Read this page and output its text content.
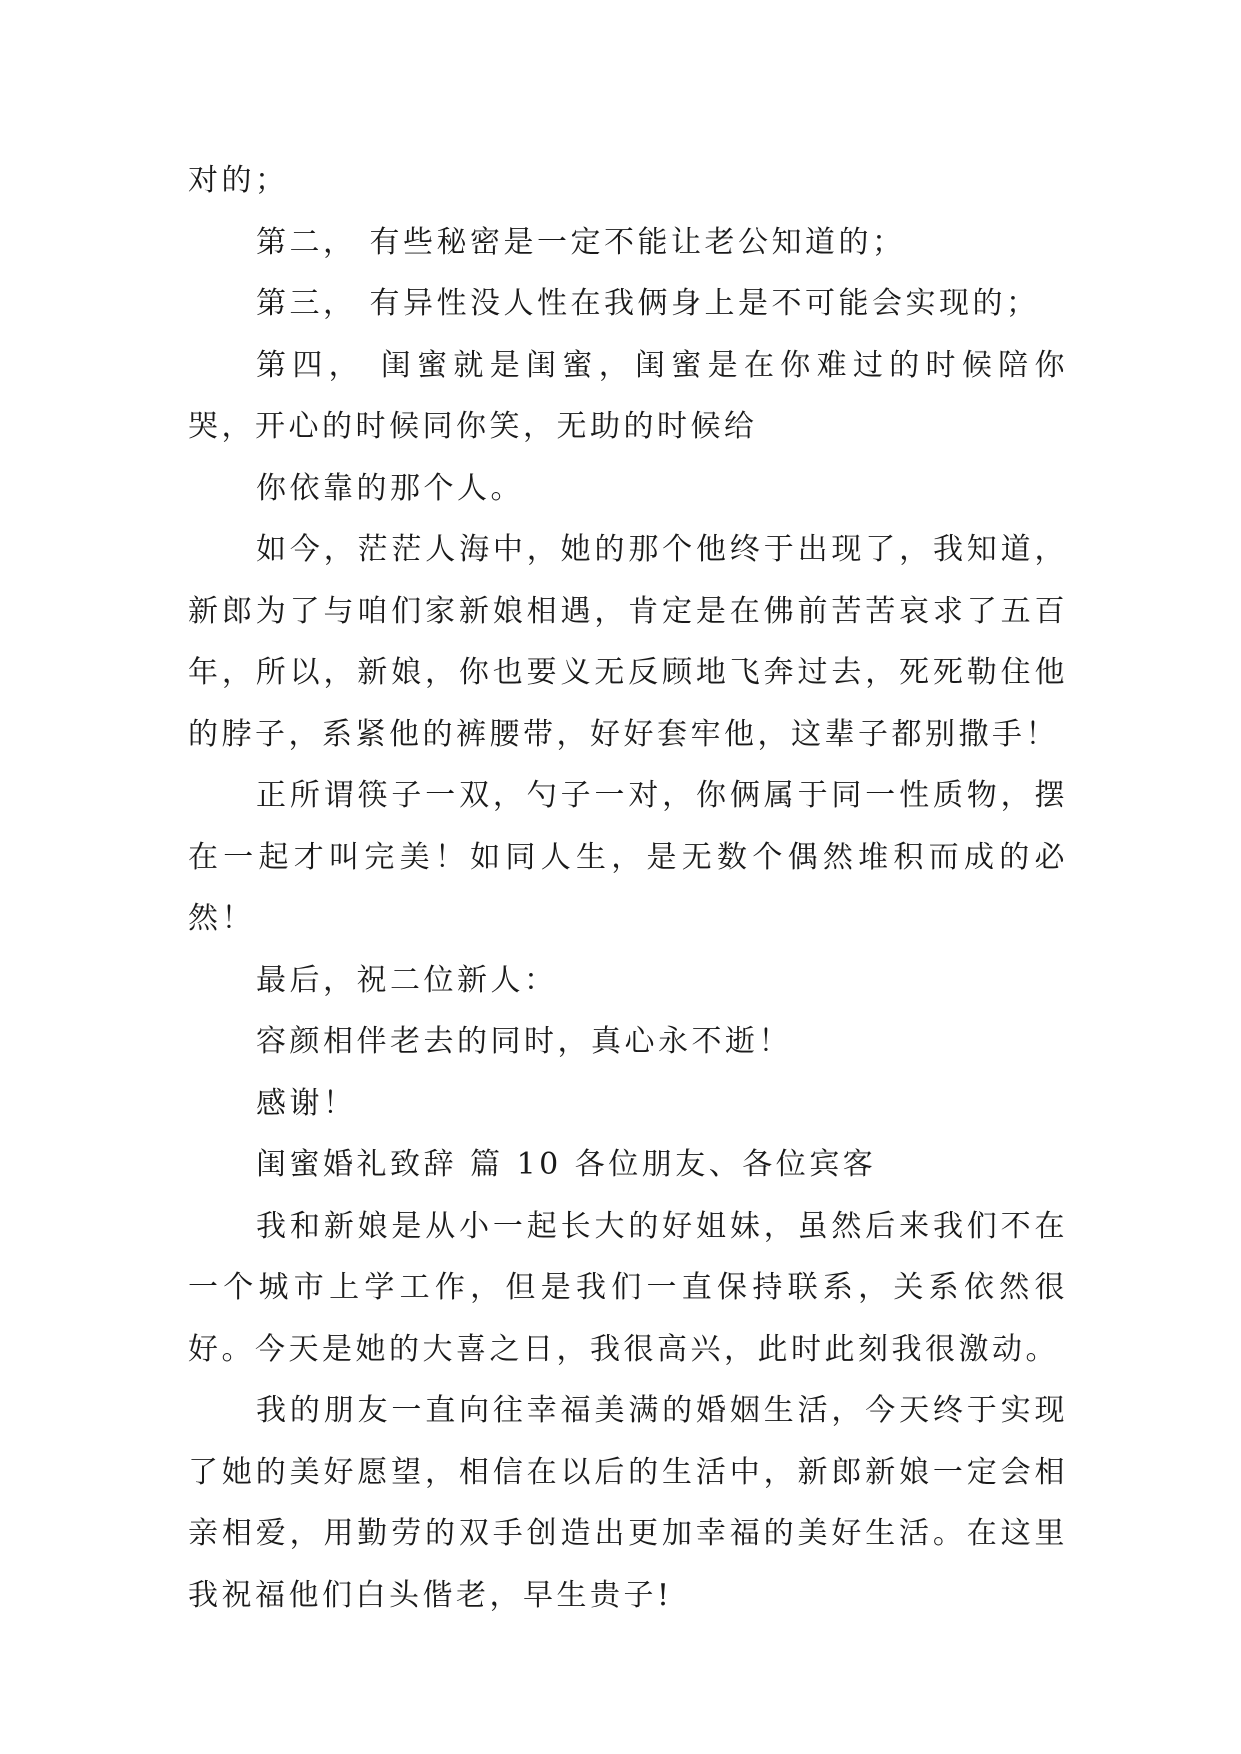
对的；

第二， 有些秘密是一定不能让老公知道的；

第三， 有异性没人性在我俩身上是不可能会实现的；

第四， 闺蜜就是闺蜜，闺蜜是在你难过的时候陪你哭，开心的时候同你笑，无助的时候给

你依靠的那个人。

如今，茫茫人海中，她的那个他终于出现了，我知道，新郎为了与咱们家新娘相遇，肯定是在佛前苦苦哀求了五百年，所以，新娘，你也要义无反顾地飞奔过去，死死勒住他的脖子，系紧他的裤腰带，好好套牢他，这辈子都别撒手！

正所谓筷子一双，勺子一对，你俩属于同一性质物，摆在一起才叫完美！如同人生，是无数个偶然堆积而成的必然！

最后，祝二位新人：

容颜相伴老去的同时，真心永不逝！

感谢！

闺蜜婚礼致辞 篇 10 各位朋友、各位宾客

我和新娘是从小一起长大的好姐妹，虽然后来我们不在一个城市上学工作，但是我们一直保持联系，关系依然很好。今天是她的大喜之日，我很高兴，此时此刻我很激动。

我的朋友一直向往幸福美满的婚姻生活，今天终于实现了她的美好愿望，相信在以后的生活中，新郎新娘一定会相亲相爱，用勤劳的双手创造出更加幸福的美好生活。在这里我祝福他们白头偕老，早生贵子!
